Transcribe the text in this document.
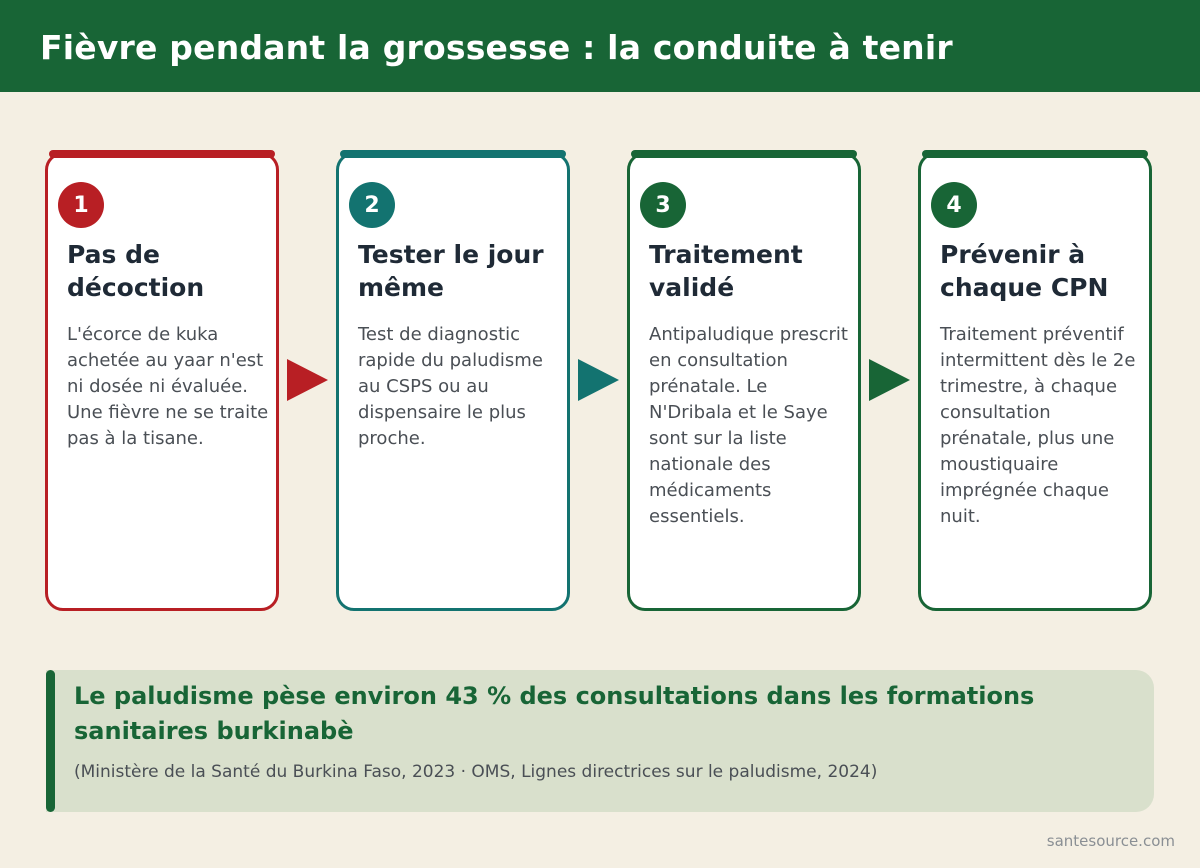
Fièvre pendant la grossesse : la conduite à tenir
1
Pas de décoction
L'écorce de kuka achetée au yaar n'est ni dosée ni évaluée. Une fièvre ne se traite pas à la tisane.
2
Tester le jour même
Test de diagnostic rapide du paludisme au CSPS ou au dispensaire le plus proche.
3
Traitement validé
Antipaludique prescrit en consultation prénatale. Le N'Dribala et le Saye sont sur la liste nationale des médicaments essentiels.
4
Prévenir à chaque CPN
Traitement préventif intermittent dès le 2e trimestre, à chaque consultation prénatale, plus une moustiquaire imprégnée chaque nuit.
Le paludisme pèse environ 43 % des consultations dans les formations sanitaires burkinabè
(Ministère de la Santé du Burkina Faso, 2023 · OMS, Lignes directrices sur le paludisme, 2024)
santesource.com
